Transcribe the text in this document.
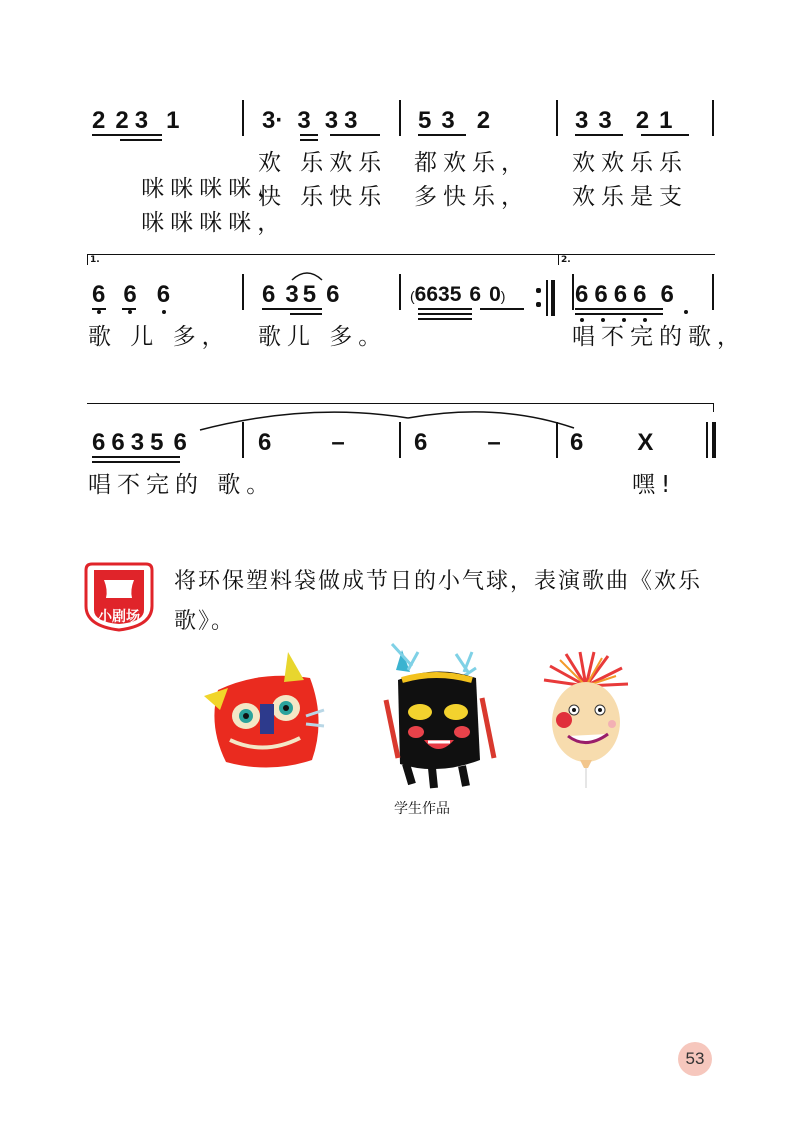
2 2 3 1	3· 3 3 3	5 3 2	3 3 2 1

咪咪咪咪，

欢 乐欢乐 都欢乐， 欢欢乐乐

咪咪咪咪，

快 乐快乐 多快乐， 欢乐是支
1.	2.
6 6 6	6 3 5 6	(6635 6 0)	6 6 6 6 6
歌 儿 多， 歌儿 多。	唱不完的歌，
6 6 3 5 6	6	–	6	–	6 X
唱不完的 歌。	嘿!
小剧场
将环保塑料袋做成节日的小气球，表演歌曲《欢乐
歌》。
学生作品
53
